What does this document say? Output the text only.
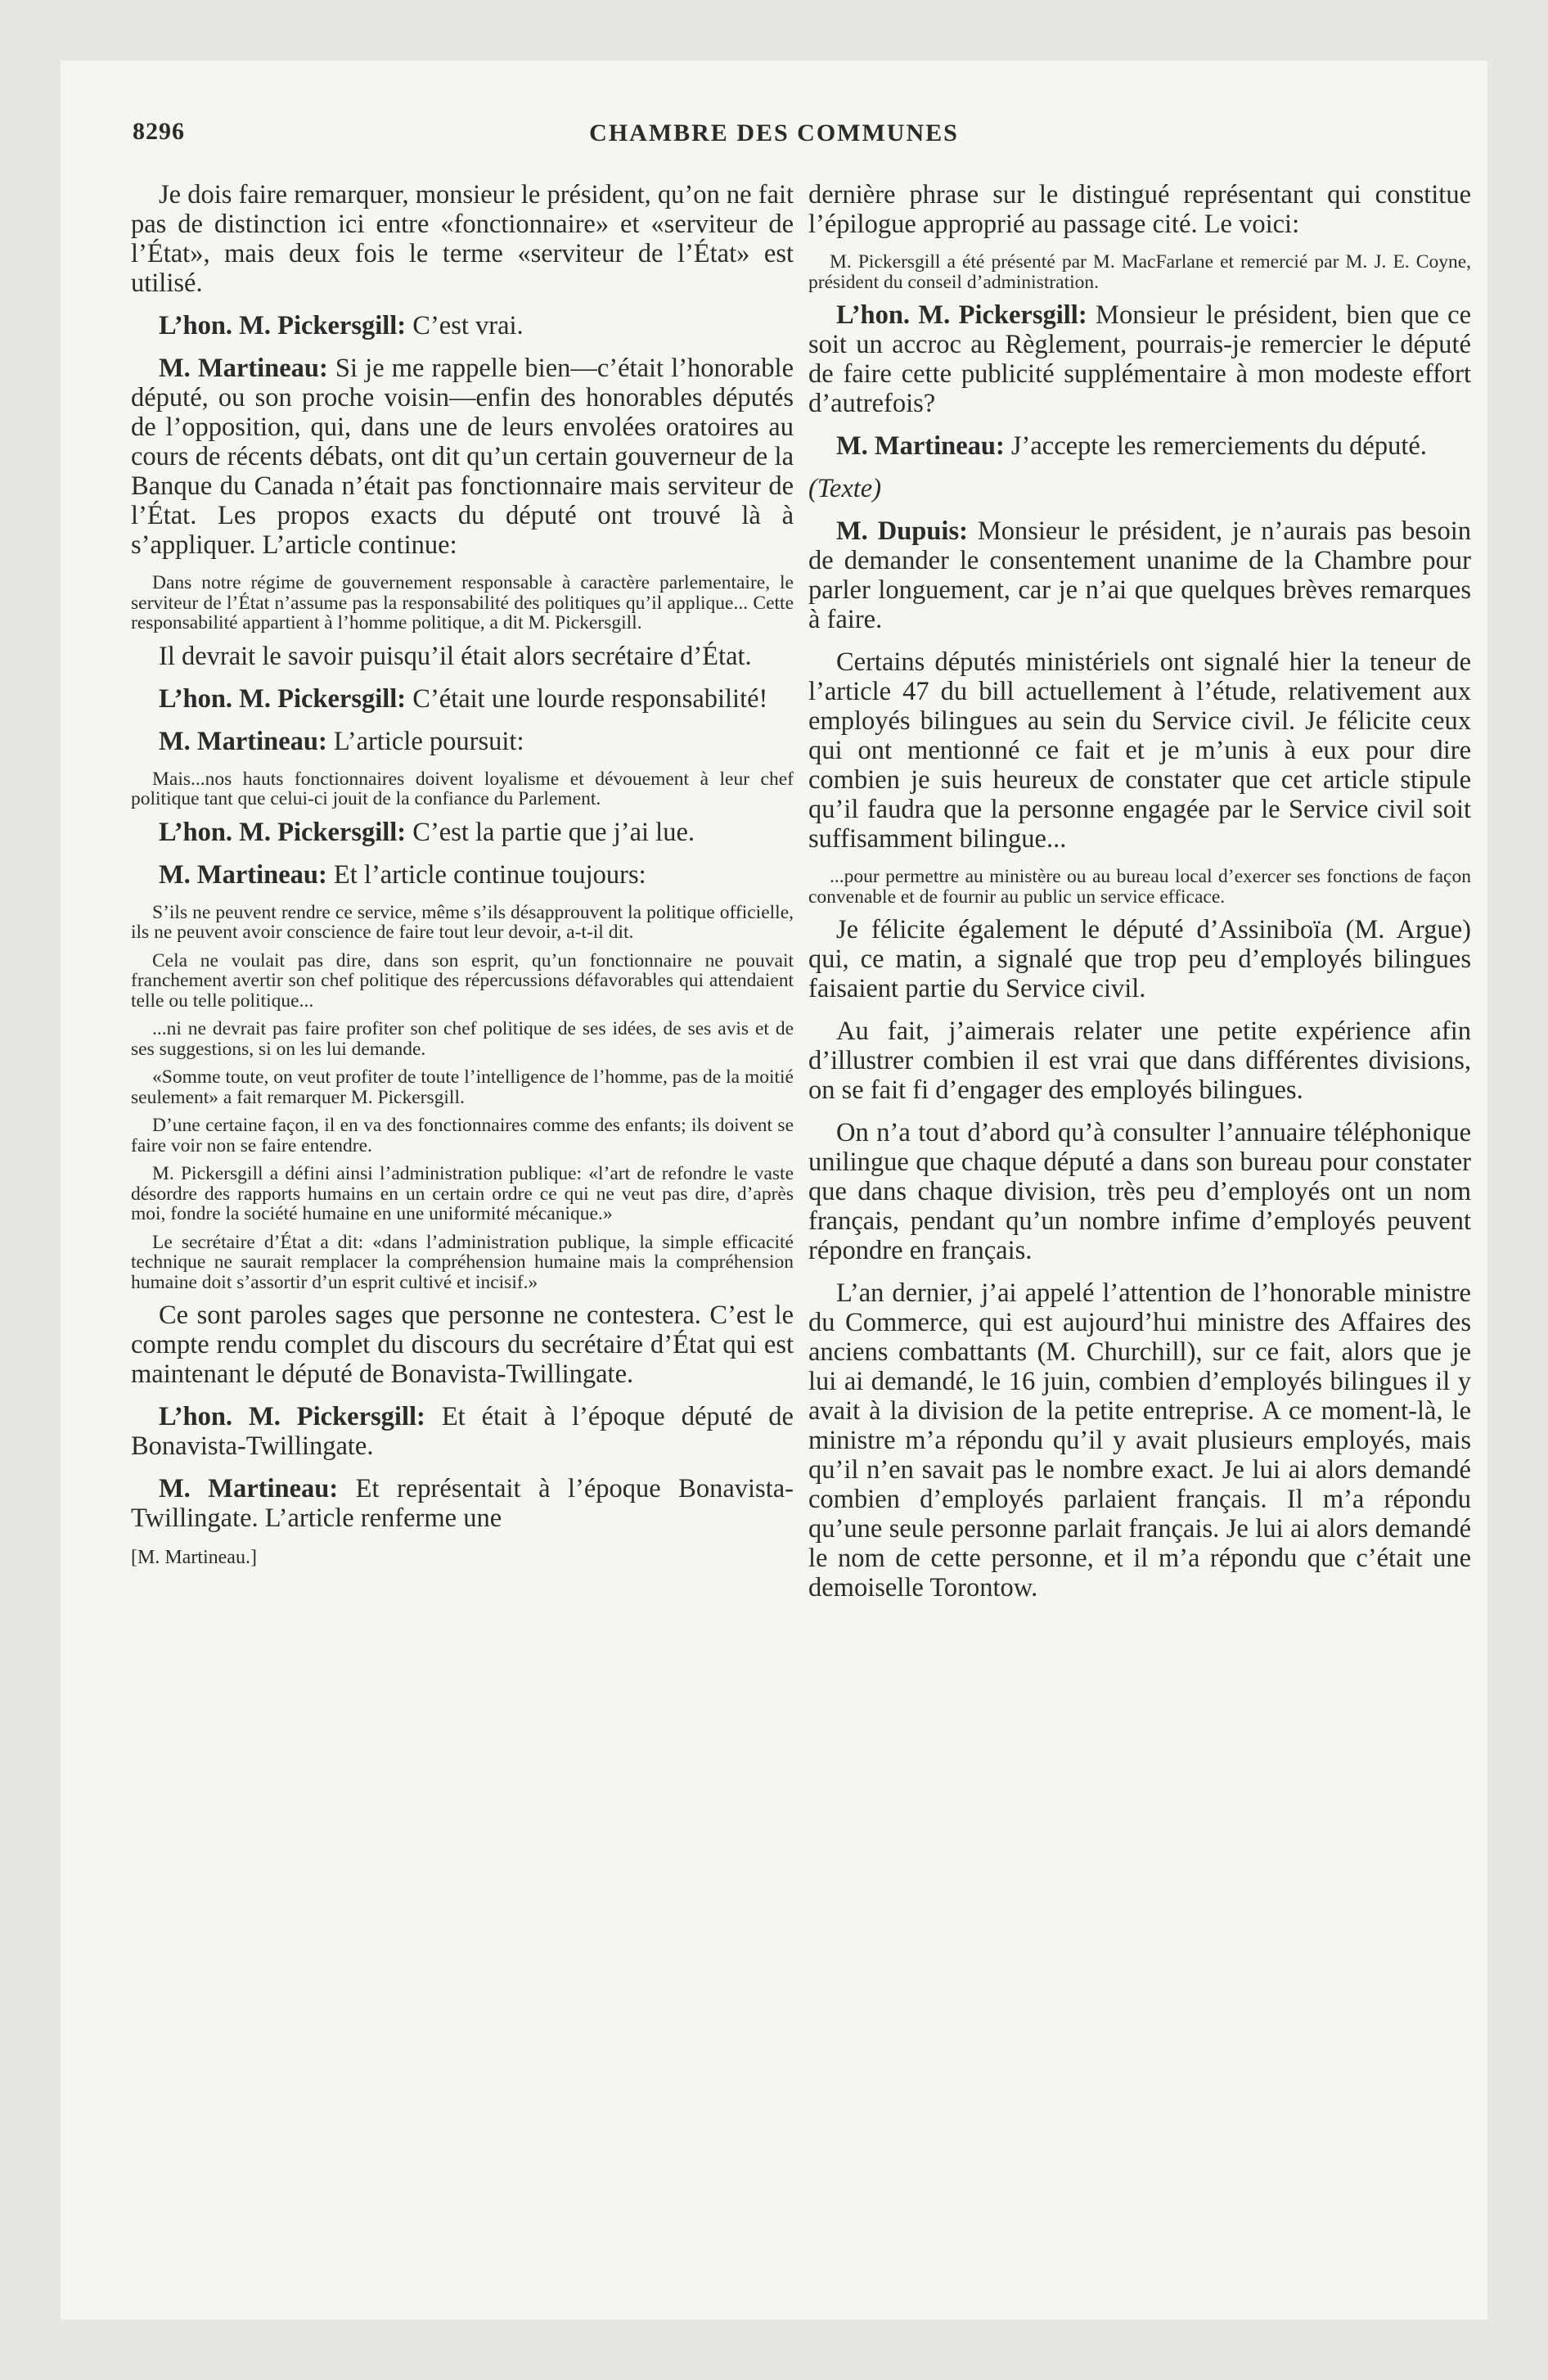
8296	CHAMBRE DES COMMUNES

Je dois faire remarquer, monsieur le président, qu’on ne fait pas de distinction ici entre «fonctionnaire» et «serviteur de l’État», mais deux fois le terme «serviteur de l’État» est utilisé.

L’hon. M. Pickersgill: C’est vrai.

M. Martineau: Si je me rappelle bien—c’était l’honorable député, ou son proche voisin—enfin des honorables députés de l’opposition, qui, dans une de leurs envolées oratoires au cours de récents débats, ont dit qu’un certain gouverneur de la Banque du Canada n’était pas fonctionnaire mais serviteur de l’État. Les propos exacts du député ont trouvé là à s’appliquer. L’article continue:

Dans notre régime de gouvernement responsable à caractère parlementaire, le serviteur de l’État n’assume pas la responsabilité des politiques qu’il applique... Cette responsabilité appartient à l’homme politique, a dit M. Pickersgill.

Il devrait le savoir puisqu’il était alors secrétaire d’État.

L’hon. M. Pickersgill: C’était une lourde responsabilité!

M. Martineau: L’article poursuit:

Mais...nos hauts fonctionnaires doivent loyalisme et dévouement à leur chef politique tant que celui-ci jouit de la confiance du Parlement.

L’hon. M. Pickersgill: C’est la partie que j’ai lue.

M. Martineau: Et l’article continue toujours:

S’ils ne peuvent rendre ce service, même s’ils désapprouvent la politique officielle, ils ne peuvent avoir conscience de faire tout leur devoir, a-t-il dit.

Cela ne voulait pas dire, dans son esprit, qu’un fonctionnaire ne pouvait franchement avertir son chef politique des répercussions défavorables qui attendaient telle ou telle politique...

...ni ne devrait pas faire profiter son chef politique de ses idées, de ses avis et de ses suggestions, si on les lui demande.

«Somme toute, on veut profiter de toute l’intelligence de l’homme, pas de la moitié seulement» a fait remarquer M. Pickersgill.

D’une certaine façon, il en va des fonctionnaires comme des enfants; ils doivent se faire voir non se faire entendre.

M. Pickersgill a défini ainsi l’administration publique: «l’art de refondre le vaste désordre des rapports humains en un certain ordre ce qui ne veut pas dire, d’après moi, fondre la société humaine en une uniformité mécanique.»

Le secrétaire d’État a dit: «dans l’administration publique, la simple efficacité technique ne saurait remplacer la compréhension humaine mais la compréhension humaine doit s’assortir d’un esprit cultivé et incisif.»

Ce sont paroles sages que personne ne contestera. C’est le compte rendu complet du discours du secrétaire d’État qui est maintenant le député de Bonavista-Twillingate.

L’hon. M. Pickersgill: Et était à l’époque député de Bonavista-Twillingate.

M. Martineau: Et représentait à l’époque Bonavista-Twillingate. L’article renferme une

[M. Martineau.]

dernière phrase sur le distingué représentant qui constitue l’épilogue approprié au passage cité. Le voici:

M. Pickersgill a été présenté par M. MacFarlane et remercié par M. J. E. Coyne, président du conseil d’administration.

L’hon. M. Pickersgill: Monsieur le président, bien que ce soit un accroc au Règlement, pourrais-je remercier le député de faire cette publicité supplémentaire à mon modeste effort d’autrefois?

M. Martineau: J’accepte les remerciements du député.

(Texte)

M. Dupuis: Monsieur le président, je n’aurais pas besoin de demander le consentement unanime de la Chambre pour parler longuement, car je n’ai que quelques brèves remarques à faire.

Certains députés ministériels ont signalé hier la teneur de l’article 47 du bill actuellement à l’étude, relativement aux employés bilingues au sein du Service civil. Je félicite ceux qui ont mentionné ce fait et je m’unis à eux pour dire combien je suis heureux de constater que cet article stipule qu’il faudra que la personne engagée par le Service civil soit suffisamment bilingue...

...pour permettre au ministère ou au bureau local d’exercer ses fonctions de façon convenable et de fournir au public un service efficace.

Je félicite également le député d’Assiniboïa (M. Argue) qui, ce matin, a signalé que trop peu d’employés bilingues faisaient partie du Service civil.

Au fait, j’aimerais relater une petite expérience afin d’illustrer combien il est vrai que dans différentes divisions, on se fait fi d’engager des employés bilingues.

On n’a tout d’abord qu’à consulter l’annuaire téléphonique unilingue que chaque député a dans son bureau pour constater que dans chaque division, très peu d’employés ont un nom français, pendant qu’un nombre infime d’employés peuvent répondre en français.

L’an dernier, j’ai appelé l’attention de l’honorable ministre du Commerce, qui est aujourd’hui ministre des Affaires des anciens combattants (M. Churchill), sur ce fait, alors que je lui ai demandé, le 16 juin, combien d’employés bilingues il y avait à la division de la petite entreprise. A ce moment-là, le ministre m’a répondu qu’il y avait plusieurs employés, mais qu’il n’en savait pas le nombre exact. Je lui ai alors demandé combien d’employés parlaient français. Il m’a répondu qu’une seule personne parlait français. Je lui ai alors demandé le nom de cette personne, et il m’a répondu que c’était une demoiselle Torontow.
